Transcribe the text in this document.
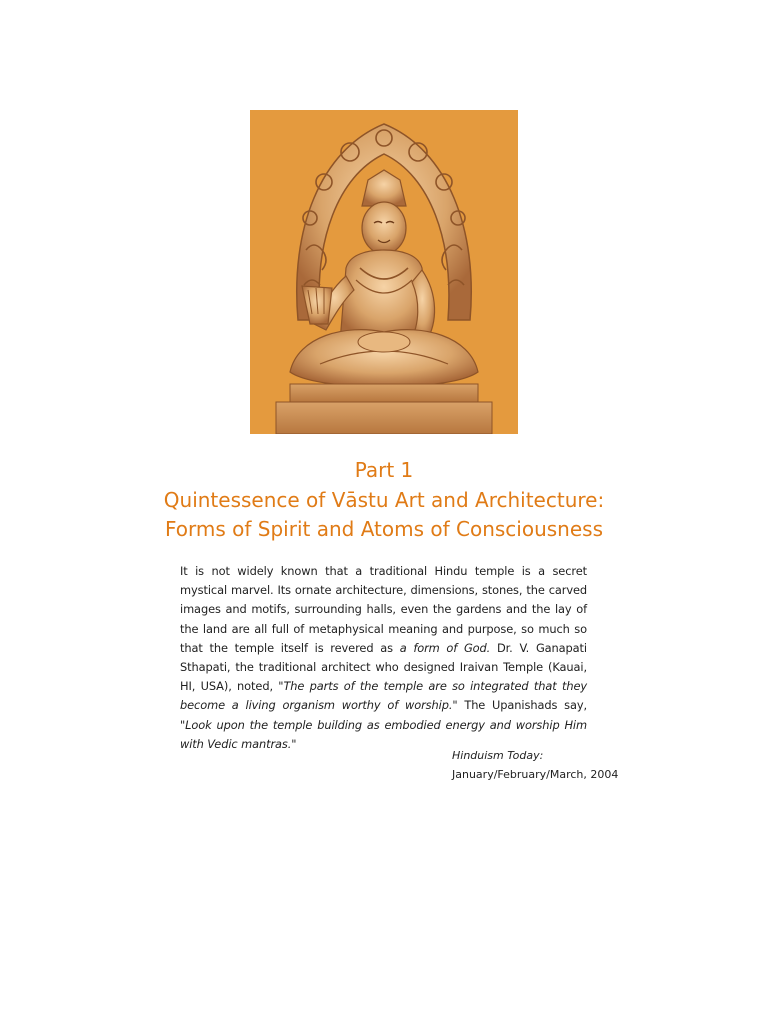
Part 1
Quintessence of Vāstu Art and Architecture:
Forms of Spirit and Atoms of Consciousness
It is not widely known that a traditional Hindu temple is a secret mystical marvel. Its ornate architecture, dimensions, stones, the carved images and motifs, surrounding halls, even the gardens and the lay of the land are all full of metaphysical meaning and purpose, so much so that the temple itself is revered as a form of God. Dr. V. Ganapati Sthapati, the traditional architect who designed Iraivan Temple (Kauai, HI, USA), noted, "The parts of the temple are so integrated that they become a living organism worthy of worship." The Upanishads say, "Look upon the temple building as embodied energy and worship Him with Vedic mantras."
Hinduism Today:
January/February/March, 2004
